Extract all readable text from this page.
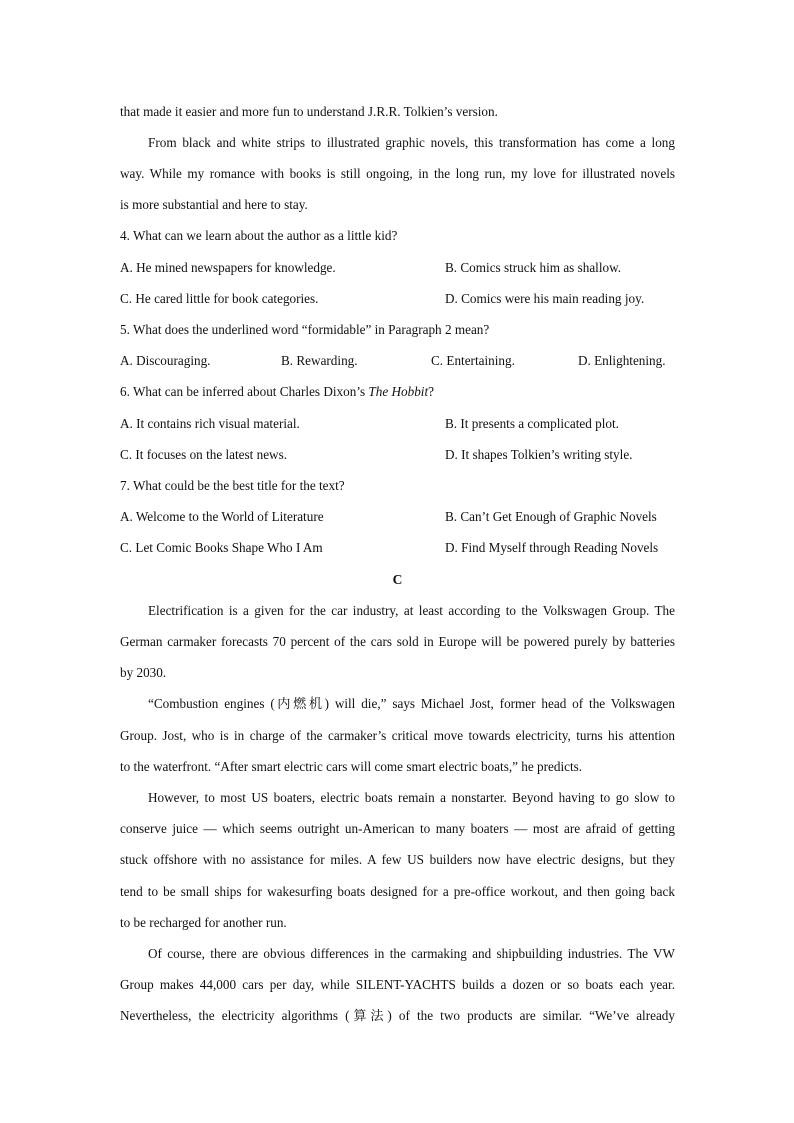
that made it easier and more fun to understand J.R.R. Tolkien’s version.
From black and white strips to illustrated graphic novels, this transformation has come a long
way. While my romance with books is still ongoing, in the long run, my love for illustrated novels
is more substantial and here to stay.
4. What can we learn about the author as a little kid?
A. He mined newspapers for knowledge.	B. Comics struck him as shallow.
C. He cared little for book categories.	D. Comics were his main reading joy.
5. What does the underlined word “formidable” in Paragraph 2 mean?
A. Discouraging.	B. Rewarding.	C. Entertaining.	D. Enlightening.
6. What can be inferred about Charles Dixon’s The Hobbit?
A. It contains rich visual material.	B. It presents a complicated plot.
C. It focuses on the latest news.	D. It shapes Tolkien’s writing style.
7. What could be the best title for the text?
A. Welcome to the World of Literature	B. Can’t Get Enough of Graphic Novels
C. Let Comic Books Shape Who I Am	D. Find Myself through Reading Novels
C
Electrification is a given for the car industry, at least according to the Volkswagen Group. The
German carmaker forecasts 70 percent of the cars sold in Europe will be powered purely by batteries
by 2030.
“Combustion engines (内燃机) will die,” says Michael Jost, former head of the Volkswagen
Group. Jost, who is in charge of the carmaker’s critical move towards electricity, turns his attention
to the waterfront. “After smart electric cars will come smart electric boats,” he predicts.
However, to most US boaters, electric boats remain a nonstarter. Beyond having to go slow to
conserve juice — which seems outright un-American to many boaters — most are afraid of getting
stuck offshore with no assistance for miles. A few US builders now have electric designs, but they
tend to be small ships for wakesurfing boats designed for a pre-office workout, and then going back
to be recharged for another run.
Of course, there are obvious differences in the carmaking and shipbuilding industries. The VW
Group makes 44,000 cars per day, while SILENT-YACHTS builds a dozen or so boats each year.
Nevertheless, the electricity algorithms (算法) of the two products are similar. “We’ve already
